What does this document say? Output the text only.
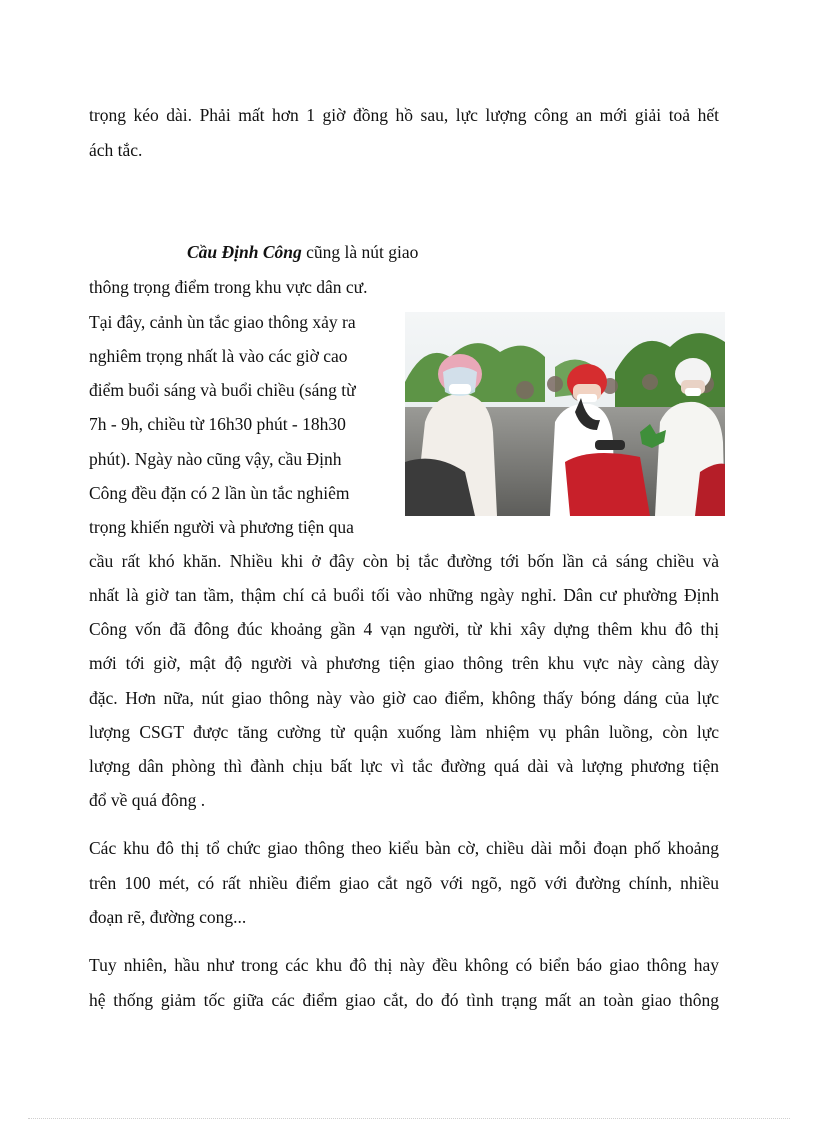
trọng kéo dài. Phải mất hơn 1 giờ đồng hồ sau, lực lượng công an mới giải toả hết
ách tắc.
Cầu Định Công cũng là nút giao
thông trọng điểm trong khu vực dân cư.
Tại đây, cảnh ùn tắc giao thông xảy ra
nghiêm trọng nhất là vào các giờ cao
điểm buổi sáng và buổi chiều (sáng từ
7h - 9h, chiều từ 16h30 phút - 18h30
phút). Ngày nào cũng vậy, cầu Định
Công đều đặn có 2 lần ùn tắc nghiêm
trọng khiến người và phương tiện qua
cầu rất khó khăn. Nhiều khi ở đây còn bị tắc đường tới bốn lần cả sáng chiều và
nhất là giờ tan tầm, thậm chí cả buổi tối vào những ngày nghỉ. Dân cư phường Định
Công vốn đã đông đúc khoảng gần 4 vạn người, từ khi xây dựng thêm khu đô thị
mới tới giờ, mật độ người và phương tiện giao thông trên khu vực này càng dày
đặc. Hơn nữa, nút giao thông này vào giờ cao điểm, không thấy bóng dáng của lực
lượng CSGT được tăng cường từ quận xuống làm nhiệm vụ phân luồng, còn lực
lượng dân phòng thì đành chịu bất lực vì tắc đường quá dài và lượng phương tiện
đổ về quá đông .
Các khu đô thị tổ chức giao thông theo kiểu bàn cờ, chiều dài mỗi đoạn phố khoảng
trên 100 mét, có rất nhiều điểm giao cắt ngõ với ngõ, ngõ với đường chính, nhiều
đoạn rẽ, đường cong...
Tuy nhiên, hầu như trong các khu đô thị này đều không có biển báo giao thông hay
hệ thống giảm tốc giữa các điểm giao cắt, do đó tình trạng mất an toàn giao thông
